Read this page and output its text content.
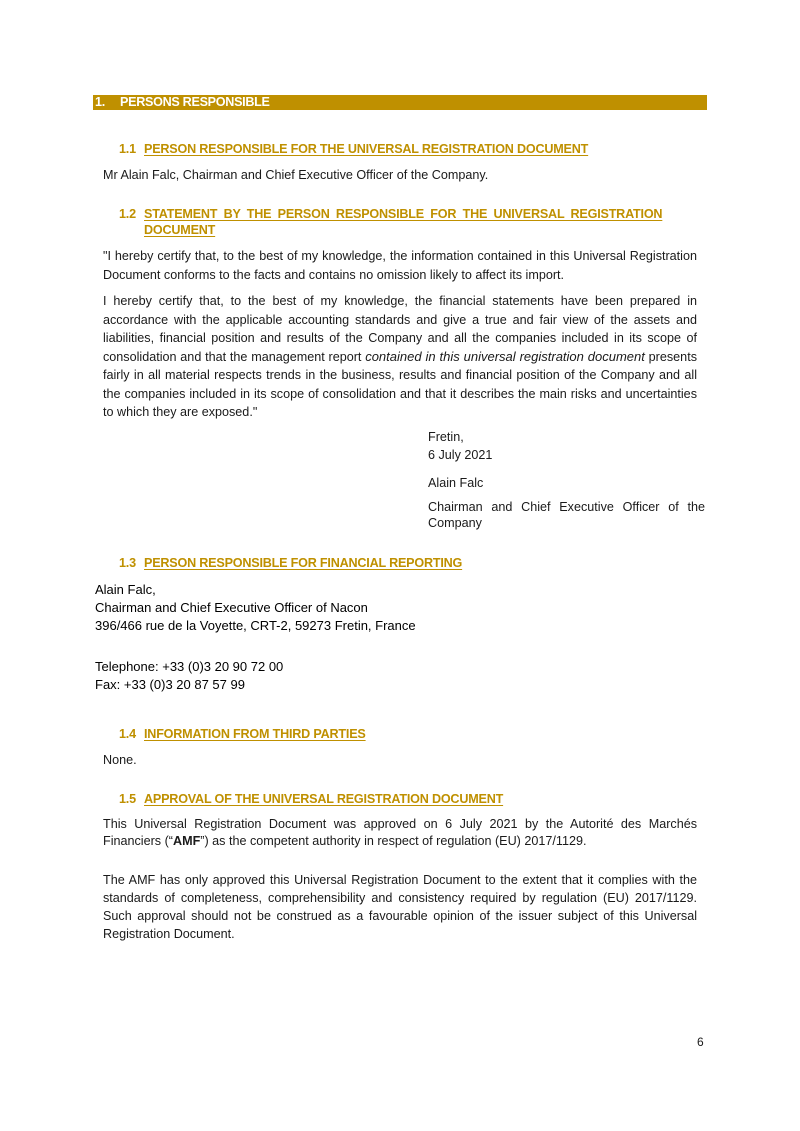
1. PERSONS RESPONSIBLE
1.1 PERSON RESPONSIBLE FOR THE UNIVERSAL REGISTRATION DOCUMENT
Mr Alain Falc, Chairman and Chief Executive Officer of the Company.
1.2 STATEMENT BY THE PERSON RESPONSIBLE FOR THE UNIVERSAL REGISTRATION
DOCUMENT
"I hereby certify that, to the best of my knowledge, the information contained in this Universal Registration Document conforms to the facts and contains no omission likely to affect its import.
I hereby certify that, to the best of my knowledge, the financial statements have been prepared in accordance with the applicable accounting standards and give a true and fair view of the assets and liabilities, financial position and results of the Company and all the companies included in its scope of consolidation and that the management report contained in this universal registration document presents fairly in all material respects trends in the business, results and financial position of the Company and all the companies included in its scope of consolidation and that it describes the main risks and uncertainties to which they are exposed."
Fretin,
6 July 2021
Alain Falc
Chairman and Chief Executive Officer of the Company
1.3 PERSON RESPONSIBLE FOR FINANCIAL REPORTING
Alain Falc,
Chairman and Chief Executive Officer of Nacon
396/466 rue de la Voyette, CRT-2, 59273 Fretin, France
Telephone: +33 (0)3 20 90 72 00
Fax: +33 (0)3 20 87 57 99
1.4 INFORMATION FROM THIRD PARTIES
None.
1.5 APPROVAL OF THE UNIVERSAL REGISTRATION DOCUMENT
This Universal Registration Document was approved on 6 July 2021 by the Autorité des Marchés Financiers (“AMF”) as the competent authority in respect of regulation (EU) 2017/1129.
The AMF has only approved this Universal Registration Document to the extent that it complies with the standards of completeness, comprehensibility and consistency required by regulation (EU) 2017/1129. Such approval should not be construed as a favourable opinion of the issuer subject of this Universal Registration Document.
6
